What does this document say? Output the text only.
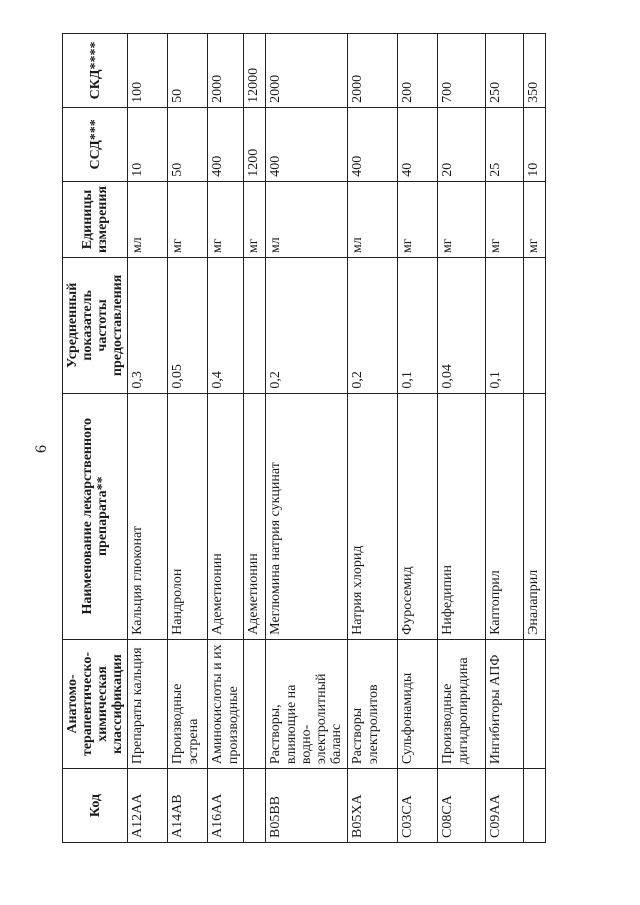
6
Код	Анатомо-терапевтическо-химическая классификация	Наименование лекарственного препарата**	Усредненный показатель частоты предоставления	Единицы измерения	ССД***	СКД****
A12AA	Препараты кальция	Кальция глюконат	0,3	мл	10	100
A14AB	Производные эстрена	Нандролон	0,05	мг	50	50
A16AA	Аминокислоты и их производные	Адеметионин	0,4	мг	400	2000
		Адеметионин		мг	1200	12000
B05BB	Растворы, влияющие на водно-электролитный баланс	Меглюмина натрия сукцинат	0,2	мл	400	2000
B05XA	Растворы электролитов	Натрия хлорид	0,2	мл	400	2000
C03CA	Сульфонамиды	Фуросемид	0,1	мг	40	200
C08CA	Производные дигидропиридина	Нифедипин	0,04	мг	20	700
C09AA	Ингибиторы АПФ	Каптоприл	0,1	мг	25	250
		Эналаприл		мг	10	350
